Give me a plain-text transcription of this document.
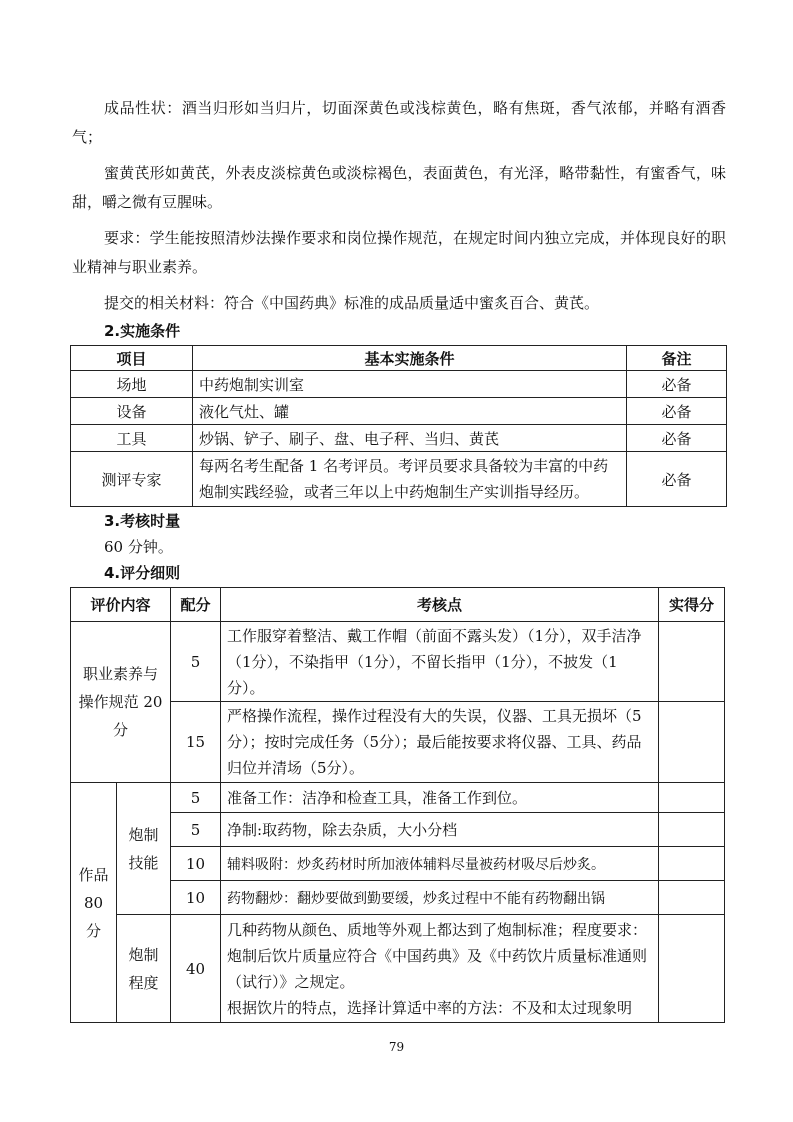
成品性状：酒当归形如当归片，切面深黄色或浅棕黄色，略有焦斑，香气浓郁，并略有酒香气；

蜜黄芪形如黄芪，外表皮淡棕黄色或淡棕褐色，表面黄色，有光泽，略带黏性，有蜜香气，味甜，嚼之微有豆腥味。

要求：学生能按照清炒法操作要求和岗位操作规范，在规定时间内独立完成，并体现良好的职业精神与职业素养。

提交的相关材料：符合《中国药典》标准的成品质量适中蜜炙百合、黄芪。

2.实施条件
项目	基本实施条件	备注
场地	中药炮制实训室	必备
设备	液化气灶、罐	必备
工具	炒锅、铲子、刷子、盘、电子秤、当归、黄芪	必备
测评专家	每两名考生配备 1 名考评员。考评员要求具备较为丰富的中药炮制实践经验，或者三年以上中药炮制生产实训指导经历。	必备
3.考核时量
60 分钟。
4.评分细则
评价内容		配分	考核点	实得分
职业素养与操作规范 20 分		5	工作服穿着整洁、戴工作帽（前面不露头发）（1分），双手洁净（1分），不染指甲（1分），不留长指甲（1分），不披发（1分）。	
		15	严格操作流程，操作过程没有大的失误，仪器、工具无损坏（5分）；按时完成任务（5分）；最后能按要求将仪器、工具、药品归位并清场（5分）。	
作品80分	炮制技能	5	准备工作：洁净和检查工具，准备工作到位。	
		5	净制:取药物，除去杂质，大小分档	
		10	辅料吸附：炒炙药材时所加液体辅料尽量被药材吸尽后炒炙。	
		10	药物翻炒：翻炒要做到勤要缓，炒炙过程中不能有药物翻出锅	
	炮制程度	40	几种药物从颜色、质地等外观上都达到了炮制标准；程度要求：炮制后饮片质量应符合《中国药典》及《中药饮片质量标准通则（试行）》之规定。
根据饮片的特点，选择计算适中率的方法：不及和太过现象明	

79
